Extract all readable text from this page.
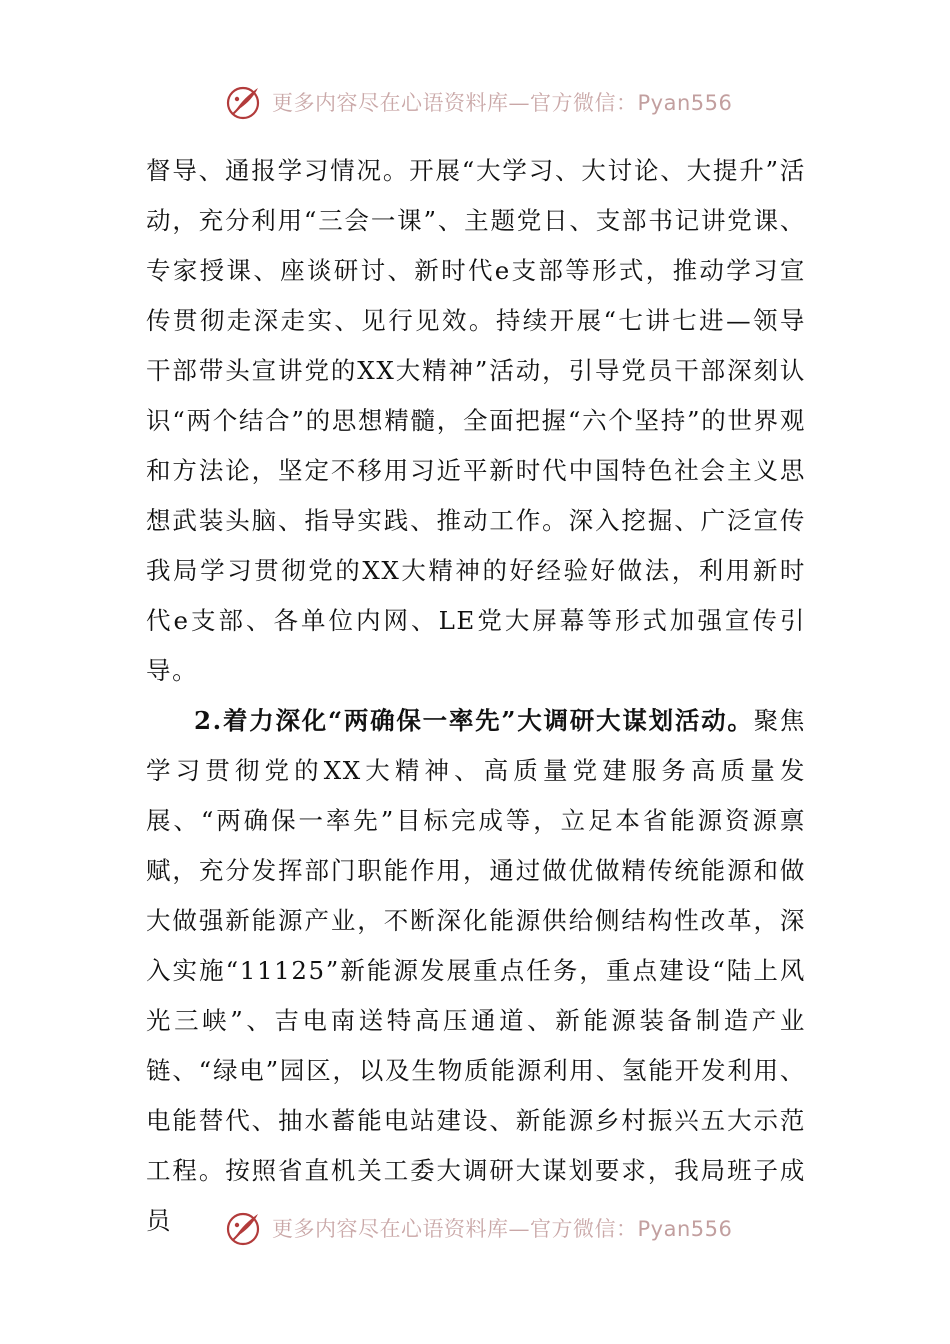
更多内容尽在心语资料库—官方微信：Pyan556

督导、通报学习情况。开展“大学习、大讨论、大提升”活动，充分利用“三会一课”、主题党日、支部书记讲党课、专家授课、座谈研讨、新时代e支部等形式，推动学习宣传贯彻走深走实、见行见效。持续开展“七讲七进—领导干部带头宣讲党的XX大精神”活动，引导党员干部深刻认识“两个结合”的思想精髓，全面把握“六个坚持”的世界观和方法论，坚定不移用习近平新时代中国特色社会主义思想武装头脑、指导实践、推动工作。深入挖掘、广泛宣传我局学习贯彻党的XX大精神的好经验好做法，利用新时代e支部、各单位内网、LE党大屏幕等形式加强宣传引导。

2.着力深化“两确保一率先”大调研大谋划活动。聚焦学习贯彻党的XX大精神、高质量党建服务高质量发展、“两确保一率先”目标完成等，立足本省能源资源禀赋，充分发挥部门职能作用，通过做优做精传统能源和做大做强新能源产业，不断深化能源供给侧结构性改革，深入实施“11125”新能源发展重点任务，重点建设“陆上风光三峡”、吉电南送特高压通道、新能源装备制造产业链、“绿电”园区，以及生物质能源利用、氢能开发利用、电能替代、抽水蓄能电站建设、新能源乡村振兴五大示范工程。按照省直机关工委大调研大谋划要求，我局班子成员	更多内容尽在心语资料库—官方微信：Pyan556
